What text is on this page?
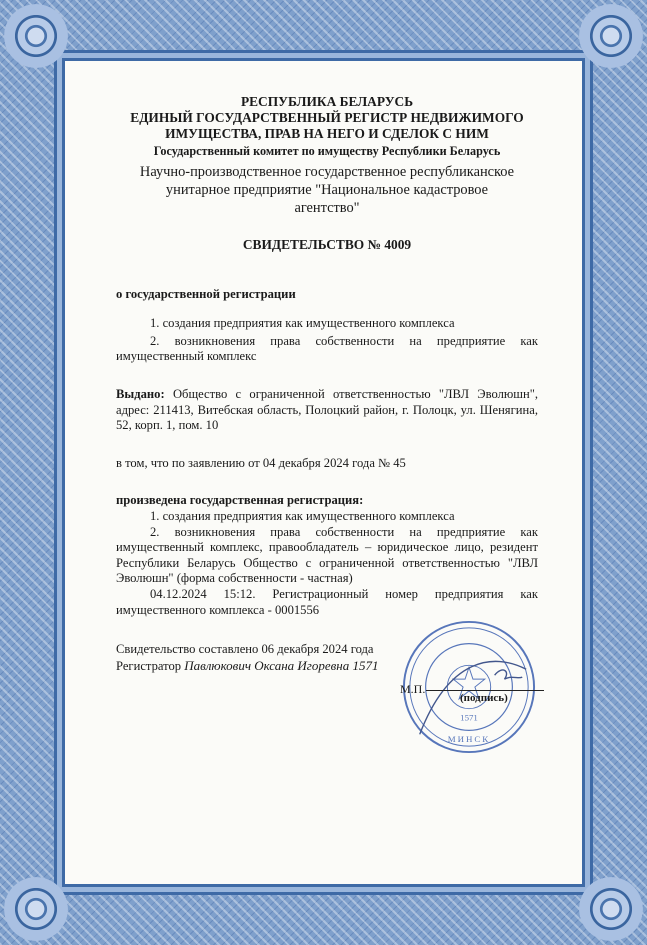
РЕСПУБЛИКА БЕЛАРУСЬ
ЕДИНЫЙ ГОСУДАРСТВЕННЫЙ РЕГИСТР НЕДВИЖИМОГО
ИМУЩЕСТВА, ПРАВ НА НЕГО И СДЕЛОК С НИМ
Государственный комитет по имуществу Республики Беларусь
Научно-производственное государственное республиканское
унитарное предприятие "Национальное кадастровое
агентство"
СВИДЕТЕЛЬСТВО № 4009
о государственной регистрации
1. создания предприятия как имущественного комплекса
2. возникновения права собственности на предприятие как имущественный комплекс
Выдано: Общество с ограниченной ответственностью "ЛВЛ Эволюшн", адрес: 211413, Витебская область, Полоцкий район, г. Полоцк, ул. Шенягина, 52, корп. 1, пом. 10
в том, что по заявлению от 04 декабря 2024 года № 45
произведена государственная регистрация:
1. создания предприятия как имущественного комплекса
2. возникновения права собственности на предприятие как имущественный комплекс, правообладатель – юридическое лицо, резидент Республики Беларусь Общество с ограниченной ответственностью "ЛВЛ Эволюшн" (форма собственности - частная)
04.12.2024 15:12. Регистрационный номер предприятия как имущественного комплекса - 0001556
Свидетельство составлено 06 декабря 2024 года
Регистратор Павлюкович Оксана Игоревна 1571
1571
МИНСК
М.П.
(подпись)
